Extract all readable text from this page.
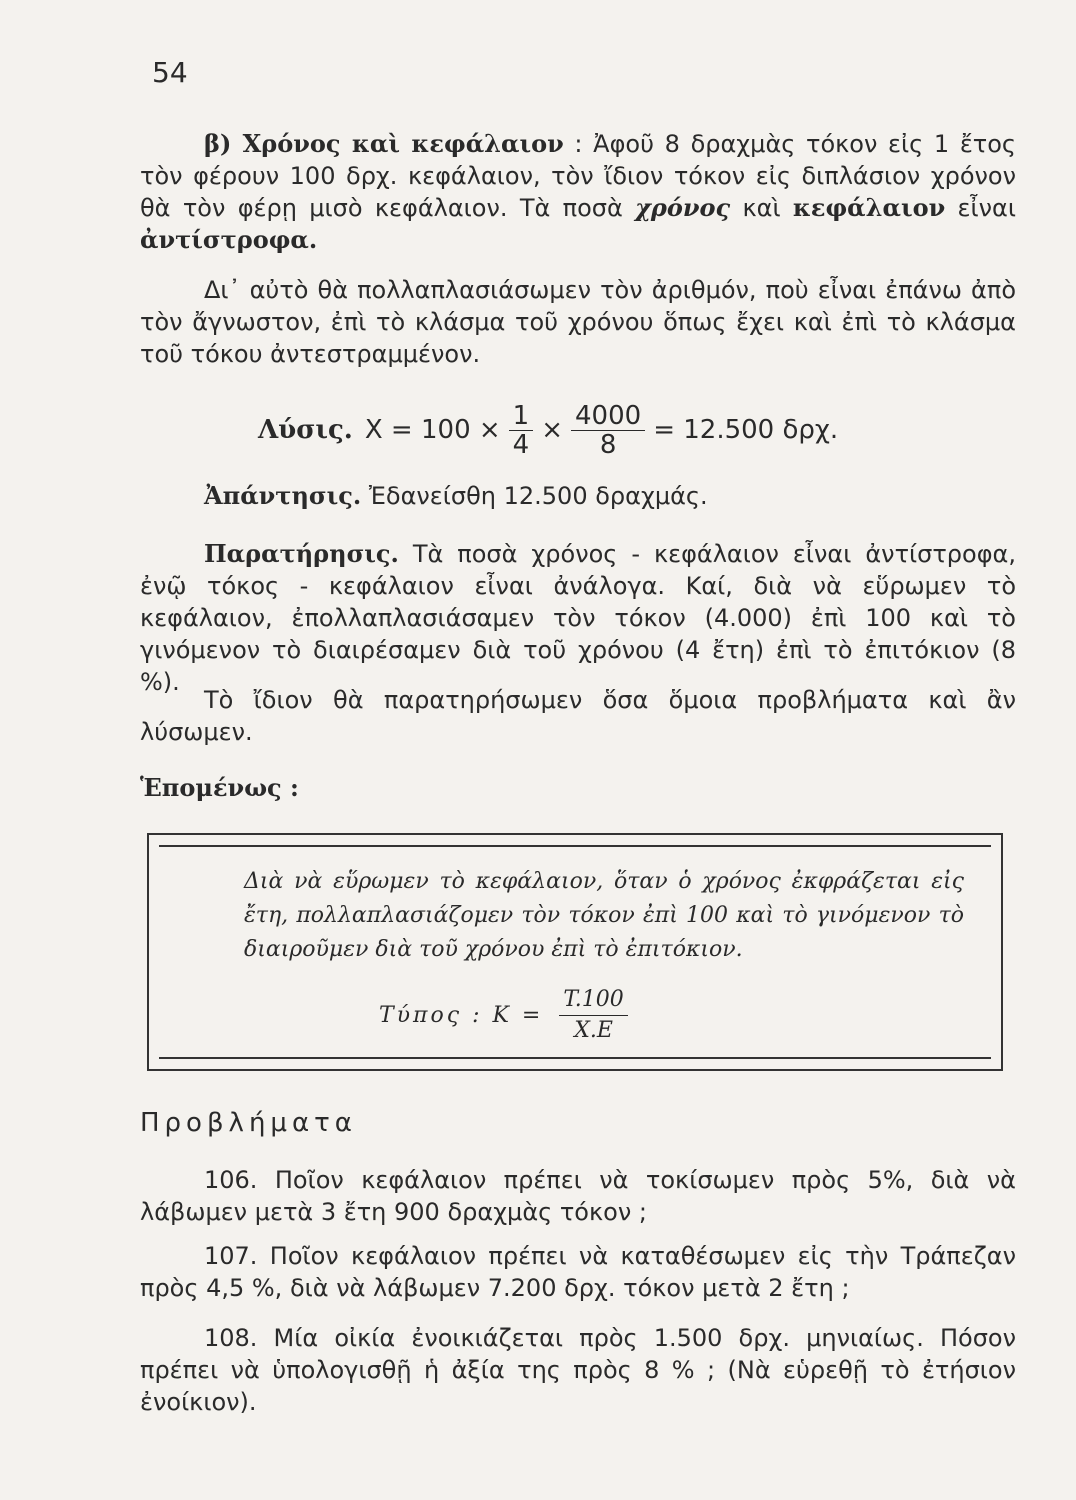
54
β) Χρόνος καὶ κεφάλαιον : Ἀφοῦ 8 δραχμὰς τόκον εἰς 1 ἔτος τὸν φέρουν 100 δρχ. κεφάλαιον, τὸν ἴδιον τόκον εἰς διπλάσιον χρόνον θὰ τὸν φέρῃ μισὸ κεφάλαιον. Τὰ ποσὰ χρόνος καὶ κεφάλαιον εἶναι ἀντίστροφα.
Δι᾽ αὐτὸ θὰ πολλαπλασιάσωμεν τὸν ἀριθμόν, ποὺ εἶναι ἐπάνω ἀπὸ τὸν ἄγνωστον, ἐπὶ τὸ κλάσμα τοῦ χρόνου ὅπως ἔχει καὶ ἐπὶ τὸ κλάσμα τοῦ τόκου ἀντεστραμμένον.
Λύσις. $X = 100 \times \frac{1}{4} \times \frac{4000}{8} = 12.500$ δρχ.
Ἀπάντησις. Ἐδανείσθη 12.500 δραχμάς.
Παρατήρησις. Τὰ ποσὰ χρόνος - κεφάλαιον εἶναι ἀντίστροφα, ἐνῷ τόκος - κεφάλαιον εἶναι ἀνάλογα. Καί, διὰ νὰ εὕρωμεν τὸ κεφάλαιον, ἐπολλαπλασιάσαμεν τὸν τόκον (4.000) ἐπὶ 100 καὶ τὸ γινόμενον τὸ διαιρέσαμεν διὰ τοῦ χρόνου (4 ἔτη) ἐπὶ τὸ ἐπιτόκιον (8 %).
Τὸ ἴδιον θὰ παρατηρήσωμεν ὅσα ὅμοια προβλήματα καὶ ἂν λύσωμεν.
Ἑπομένως :
Διὰ νὰ εὕρωμεν τὸ κεφάλαιον, ὅταν ὁ χρόνος ἐκφράζεται εἰς ἔτη, πολλαπλασιάζομεν τὸν τόκον ἐπὶ 100 καὶ τὸ γινόμενον τὸ διαιροῦμεν διὰ τοῦ χρόνου ἐπὶ τὸ ἐπιτόκιον.
Τύπος : $K = \frac{T.100}{X.E}$
Προβλήματα
106. Ποῖον κεφάλαιον πρέπει νὰ τοκίσωμεν πρὸς 5%, διὰ νὰ λάβωμεν μετὰ 3 ἔτη 900 δραχμὰς τόκον ;
107. Ποῖον κεφάλαιον πρέπει νὰ καταθέσωμεν εἰς τὴν Τράπεζαν πρὸς 4,5 %, διὰ νὰ λάβωμεν 7.200 δρχ. τόκον μετὰ 2 ἔτη ;
108. Μία οἰκία ἐνοικιάζεται πρὸς 1.500 δρχ. μηνιαίως. Πόσον πρέπει νὰ ὑπολογισθῇ ἡ ἀξία της πρὸς 8 % ; (Νὰ εὑρεθῇ τὸ ἐτήσιον ἐνοίκιον).
